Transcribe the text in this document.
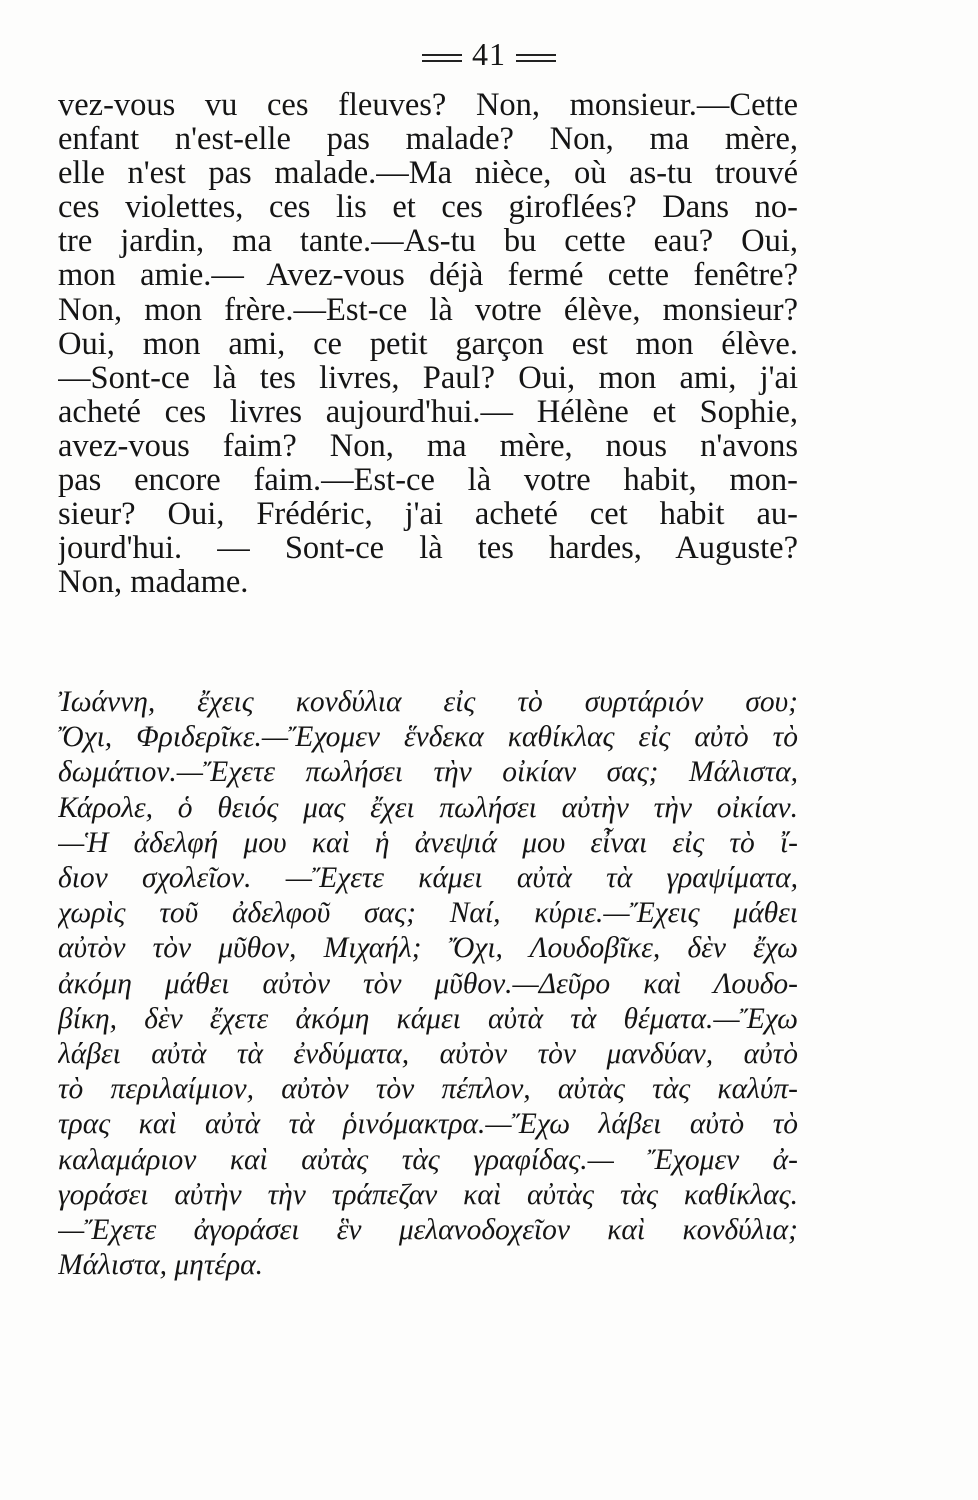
41
vez-vous vu ces fleuves? Non, monsieur.—Cette
enfant n'est-elle pas malade? Non, ma mère,
elle n'est pas malade.—Ma nièce, où as-tu trouvé
ces violettes, ces lis et ces giroflées? Dans no-
tre jardin, ma tante.—As-tu bu cette eau? Oui,
mon amie.— Avez-vous déjà fermé cette fenêtre?
Non, mon frère.—Est-ce là votre élève, monsieur?
Oui, mon ami, ce petit garçon est mon élève.
—Sont-ce là tes livres, Paul? Oui, mon ami, j'ai
acheté ces livres aujourd'hui.— Hélène et Sophie,
avez-vous faim? Non, ma mère, nous n'avons
pas encore faim.—Est-ce là votre habit, mon-
sieur? Oui, Frédéric, j'ai acheté cet habit au-
jourd'hui. — Sont-ce là tes hardes, Auguste?
Non, madame.
Ἰωάννη, ἔχεις κονδύλια εἰς τὸ συρτάριόν σου;
Ὄχι, Φριδερῖκε.—Ἔχομεν ἕνδεκα καθίκλας εἰς αὐτὸ τὸ
δωμάτιον.—Ἔχετε πωλήσει τὴν οἰκίαν σας; Μάλιστα,
Κάρολε, ὁ θειός μας ἔχει πωλήσει αὐτὴν τὴν οἰκίαν.
—Ἡ ἀδελφή μου καὶ ἡ ἀνεψιά μου εἶναι εἰς τὸ ἴ-
διον σχολεῖον. —Ἔχετε κάμει αὐτὰ τὰ γραψίματα,
χωρὶς τοῦ ἀδελφοῦ σας; Ναί, κύριε.—Ἔχεις μάθει
αὐτὸν τὸν μῦθον, Μιχαήλ; Ὄχι, Λουδοβῖκε, δὲν ἔχω
ἀκόμη μάθει αὐτὸν τὸν μῦθον.—Δεῦρο καὶ Λουδο-
βίκη, δὲν ἔχετε ἀκόμη κάμει αὐτὰ τὰ θέματα.—Ἔχω
λάβει αὐτὰ τὰ ἐνδύματα, αὐτὸν τὸν μανδύαν, αὐτὸ
τὸ περιλαίμιον, αὐτὸν τὸν πέπλον, αὐτὰς τὰς καλύπ-
τρας καὶ αὐτὰ τὰ ῥινόμακτρα.—Ἔχω λάβει αὐτὸ τὸ
καλαμάριον καὶ αὐτὰς τὰς γραφίδας.— Ἔχομεν ἀ-
γοράσει αὐτὴν τὴν τράπεζαν καὶ αὐτὰς τὰς καθίκλας.
—Ἔχετε ἀγοράσει ἓν μελανοδοχεῖον καὶ κονδύλια;
Μάλιστα, μητέρα.
